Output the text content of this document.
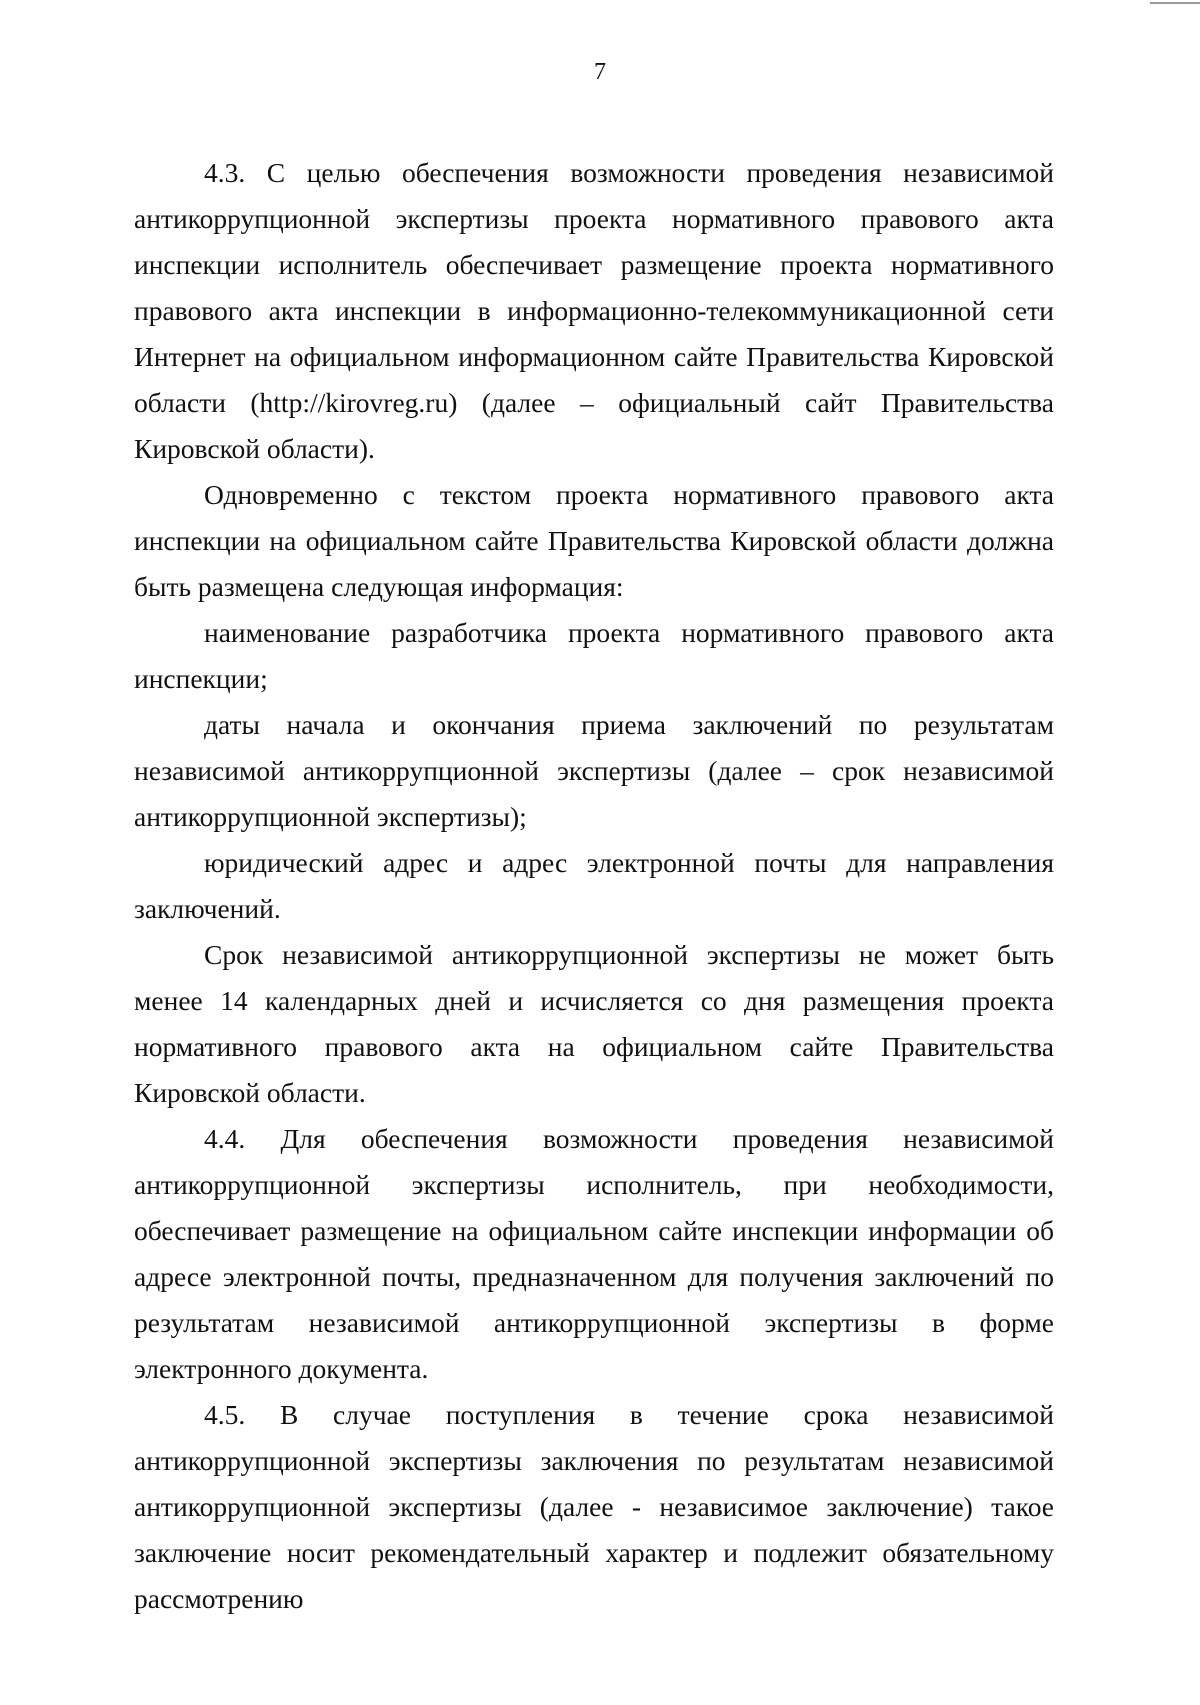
7

4.3. С целью обеспечения возможности проведения независимой антикоррупционной экспертизы проекта нормативного правового акта инспекции исполнитель обеспечивает размещение проекта нормативного правового акта инспекции в информационно-телекоммуникационной сети Интернет на официальном информационном сайте Правительства Кировской области (http://kirovreg.ru) (далее – официальный сайт Правительства Кировской области).

Одновременно с текстом проекта нормативного правового акта инспекции на официальном сайте Правительства Кировской области должна быть размещена следующая информация:

наименование разработчика проекта нормативного правового акта инспекции;

даты начала и окончания приема заключений по результатам независимой антикоррупционной экспертизы (далее – срок независимой антикоррупционной экспертизы);

юридический адрес и адрес электронной почты для направления заключений.

Срок независимой антикоррупционной экспертизы не может быть менее 14 календарных дней и исчисляется со дня размещения проекта нормативного правового акта на официальном сайте Правительства Кировской области.

4.4. Для обеспечения возможности проведения независимой антикоррупционной экспертизы исполнитель, при необходимости, обеспечивает размещение на официальном сайте инспекции информации об адресе электронной почты, предназначенном для получения заключений по результатам независимой антикоррупционной экспертизы в форме электронного документа.

4.5. В случае поступления в течение срока независимой антикоррупционной экспертизы заключения по результатам независимой антикоррупционной экспертизы (далее - независимое заключение) такое заключение носит рекомендательный характер и подлежит обязательному рассмотрению
